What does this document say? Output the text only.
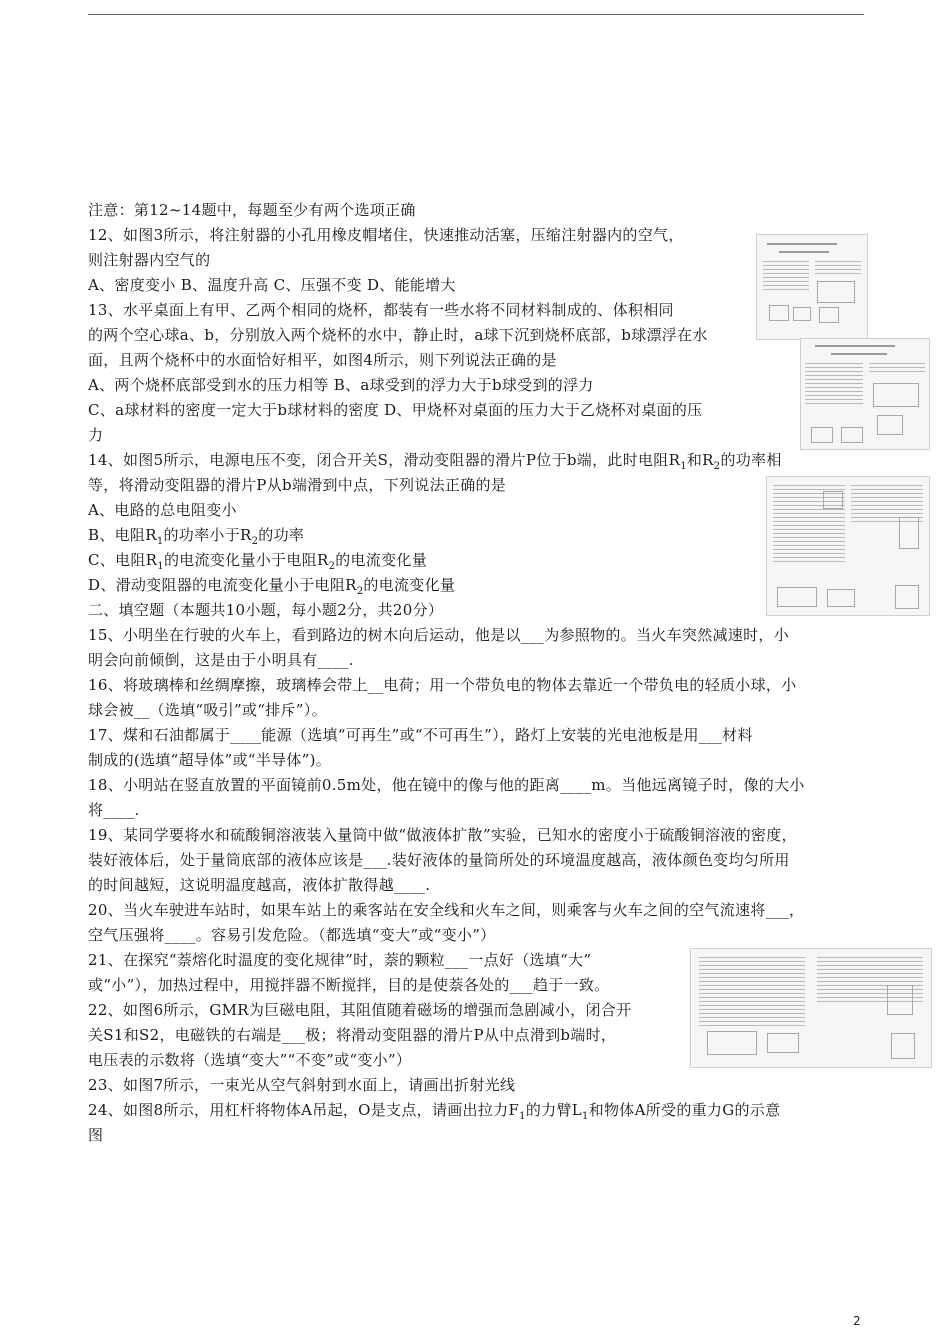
注意：第12~14题中，每题至少有两个选项正确
12、如图3所示，将注射器的小孔用橡皮帽堵住，快速推动活塞，压缩注射器内的空气，
则注射器内空气的
A、密度变小 B、温度升高 C、压强不变 D、能能增大
13、水平桌面上有甲、乙两个相同的烧杯，都装有一些水将不同材料制成的、体积相同
的两个空心球a、b，分别放入两个烧杯的水中，静止时，a球下沉到烧杯底部，b球漂浮在水
面，且两个烧杯中的水面恰好相平，如图4所示，则下列说法正确的是
A、两个烧杯底部受到水的压力相等 B、a球受到的浮力大于b球受到的浮力
C、a球材料的密度一定大于b球材料的密度 D、甲烧杯对桌面的压力大于乙烧杯对桌面的压
力
14、如图5所示，电源电压不变，闭合开关S，滑动变阻器的滑片P位于b端，此时电阻$R_1$和$R_2$的功率相
等，将滑动变阻器的滑片P从b端滑到中点，下列说法正确的是
A、电路的总电阻变小
B、电阻$R_1$的功率小于$R_2$的功率
C、电阻$R_1$的电流变化量小于电阻$R_2$的电流变化量
D、滑动变阻器的电流变化量小于电阻$R_2$的电流变化量
二、填空题（本题共10小题，每小题2分，共20分）
15、小明坐在行驶的火车上，看到路边的树木向后运动，他是以___为参照物的。当火车突然减速时，小
明会向前倾倒，这是由于小明具有____.
16、将玻璃棒和丝绸摩擦，玻璃棒会带上__电荷；用一个带负电的物体去靠近一个带负电的轻质小球，小
球会被__（选填“吸引”或“排斥”）。
17、煤和石油都属于____能源（选填“可再生”或“不可再生”），路灯上安装的光电池板是用___材料
制成的(选填“超导体”或“半导体”)。
18、小明站在竖直放置的平面镜前0.5m处，他在镜中的像与他的距离____m。当他远离镜子时，像的大小
将____.
19、某同学要将水和硫酸铜溶液装入量筒中做“做液体扩散”实验，已知水的密度小于硫酸铜溶液的密度，
装好液体后，处于量筒底部的液体应该是___.装好液体的量筒所处的环境温度越高，液体颜色变均匀所用
的时间越短，这说明温度越高，液体扩散得越____.
20、当火车驶进车站时，如果车站上的乘客站在安全线和火车之间，则乘客与火车之间的空气流速将___，
空气压强将____。容易引发危险。（都选填“变大”或“变小”）
21、在探究“萘熔化时温度的变化规律”时，萘的颗粒___一点好（选填“大”
或“小”），加热过程中，用搅拌器不断搅拌，目的是使萘各处的___趋于一致。
22、如图6所示，GMR为巨磁电阻，其阻值随着磁场的增强而急剧减小，闭合开
关S1和S2，电磁铁的右端是___极；将滑动变阻器的滑片P从中点滑到b端时，
电压表的示数将（选填“变大”“不变”或“变小”）
23、如图7所示，一束光从空气斜射到水面上，请画出折射光线
24、如图8所示，用杠杆将物体A吊起，O是支点，请画出拉力$F_1$的力臂$L_1$和物体A所受的重力G的示意
图
2
